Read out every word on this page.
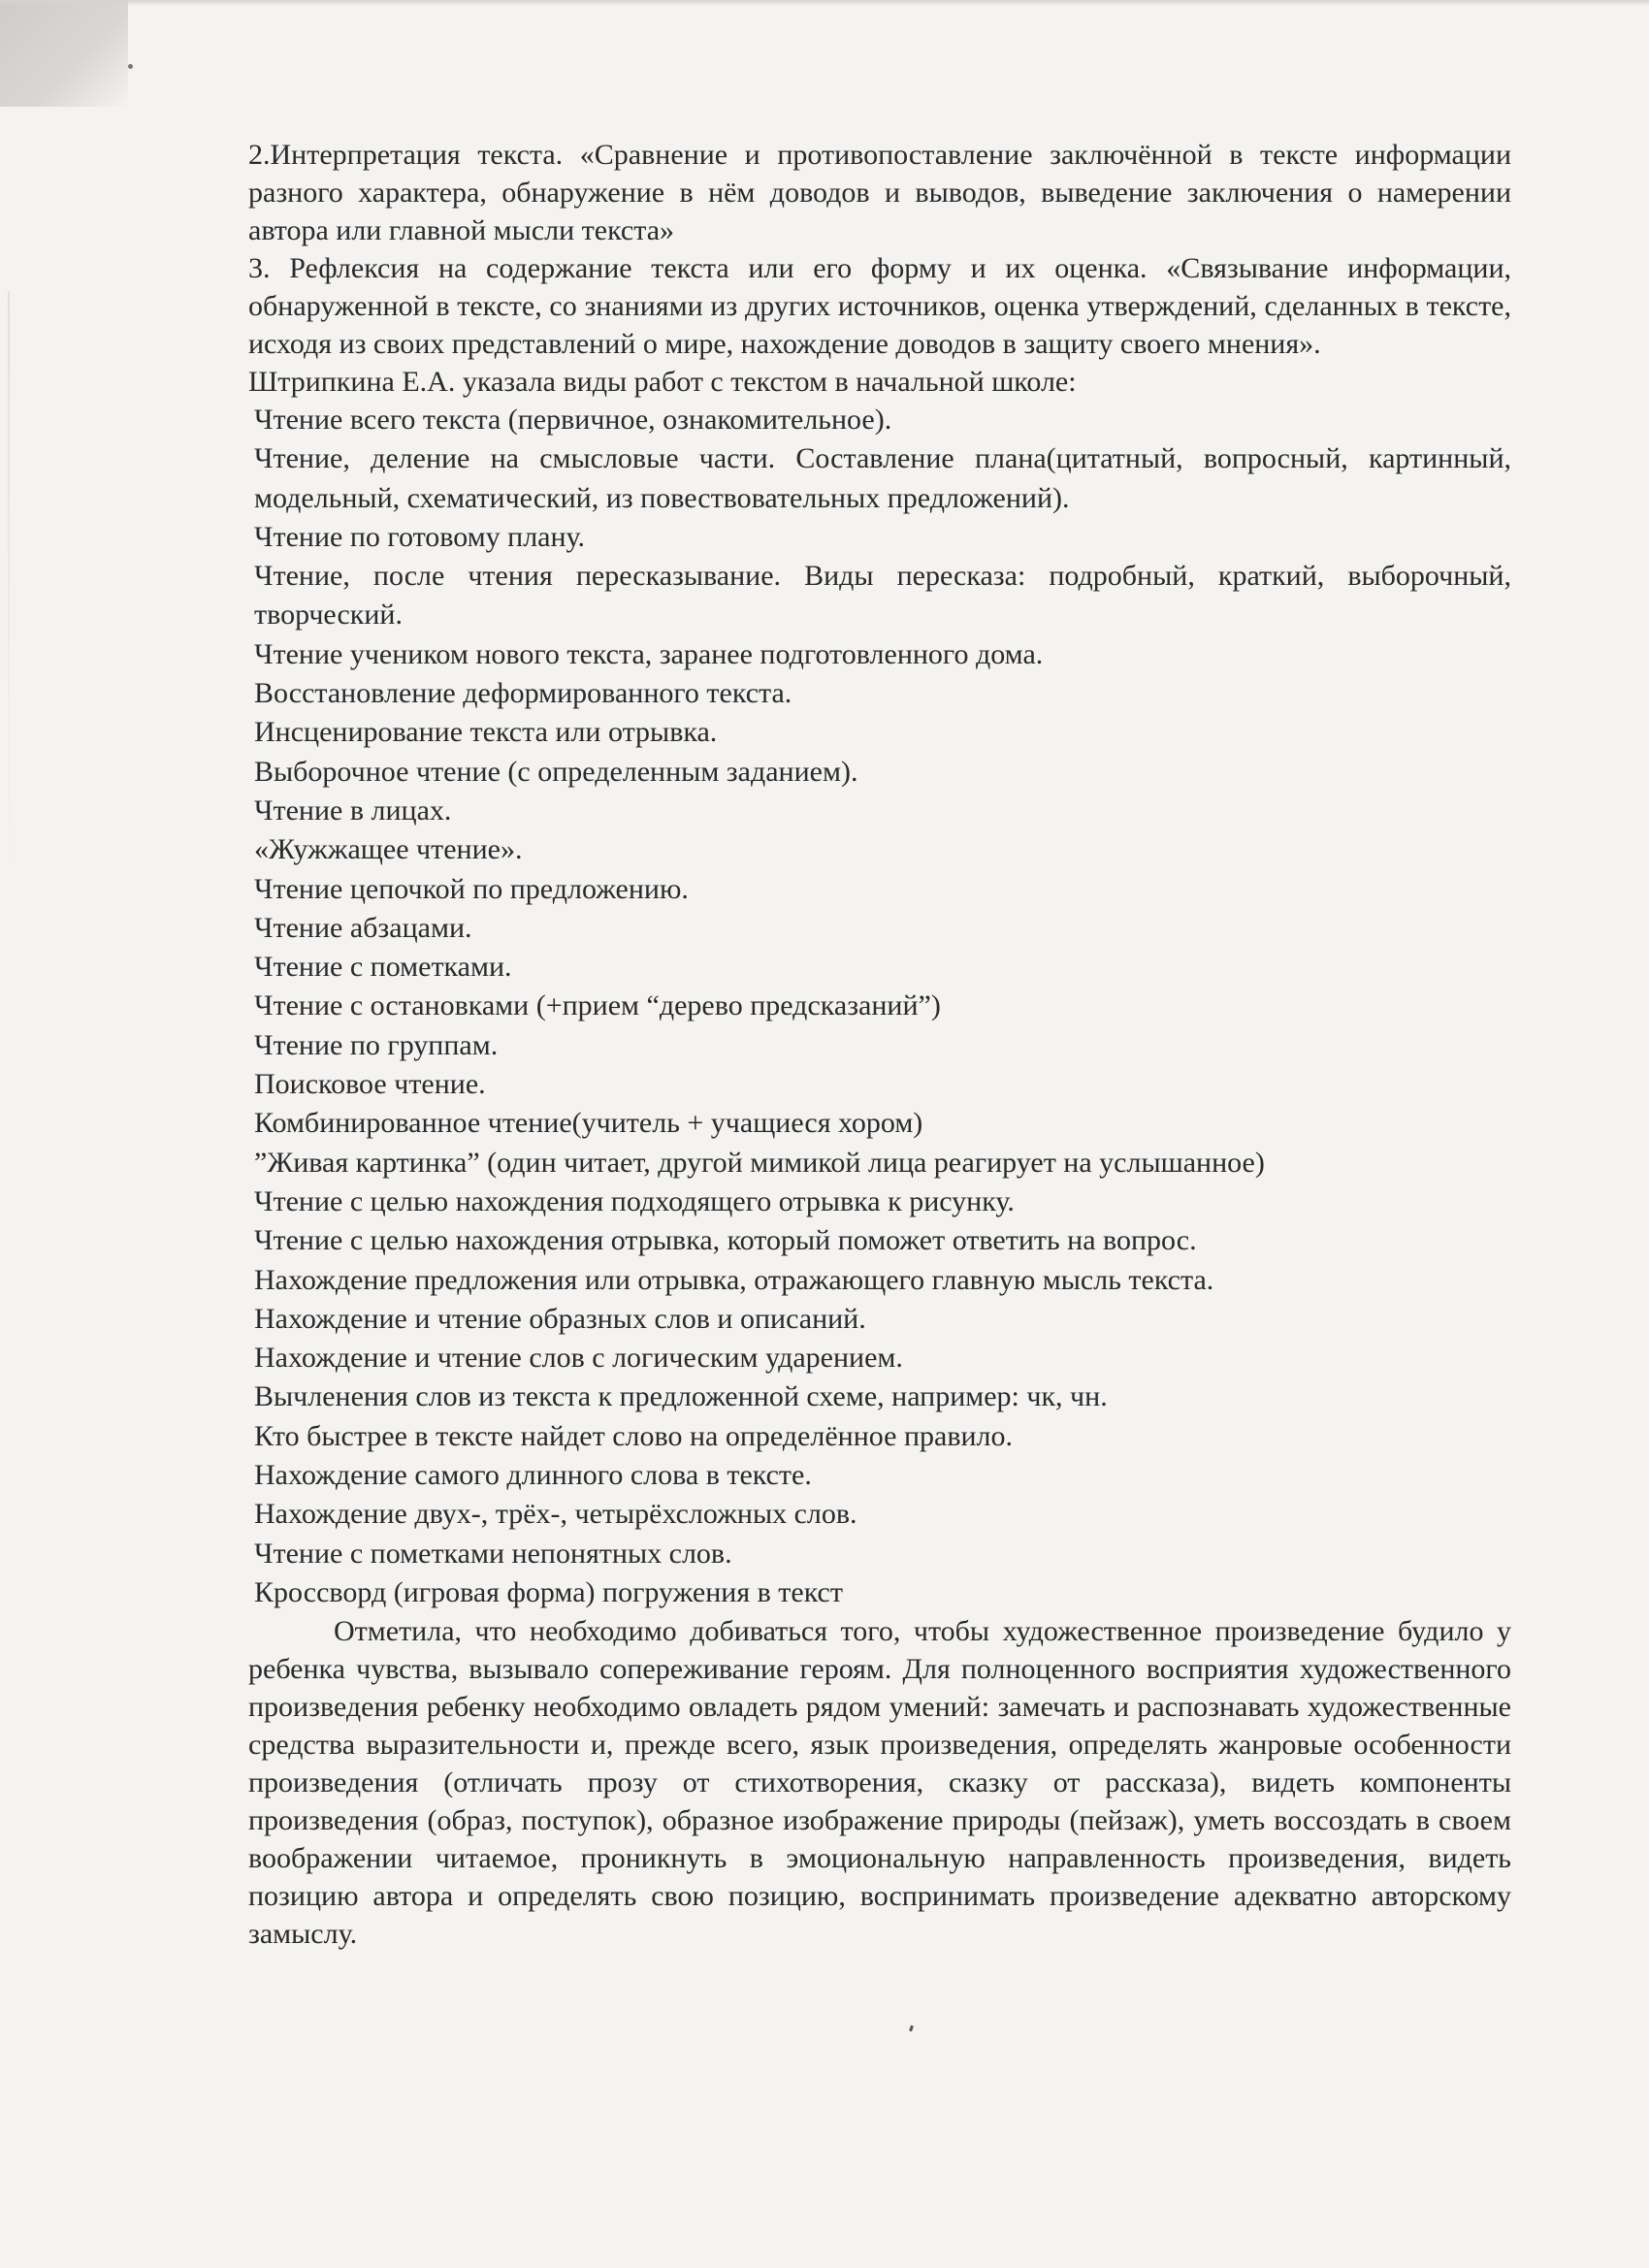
2.Интерпретация текста. «Сравнение и противопоставление заключённой в тексте информации разного характера, обнаружение в нём доводов и выводов, выведение заключения о намерении автора или главной мысли текста»

3. Рефлексия на содержание текста или его форму и их оценка. «Связывание информации, обнаруженной в тексте, со знаниями из других источников, оценка утверждений, сделанных в тексте, исходя из своих представлений о мире, нахождение доводов в защиту своего мнения».

Штрипкина Е.А. указала виды работ с текстом в начальной школе:

Чтение всего текста (первичное, ознакомительное).
Чтение, деление на смысловые части. Составление плана(цитатный, вопросный, картинный, модельный, схематический, из повествовательных предложений).
Чтение по готовому плану.
Чтение, после чтения пересказывание. Виды пересказа: подробный, краткий, выборочный, творческий.
Чтение учеником нового текста, заранее подготовленного дома.
Восстановление деформированного текста.
Инсценирование текста или отрывка.
Выборочное чтение (с определенным заданием).
Чтение в лицах.
«Жужжащее чтение».
Чтение цепочкой по предложению.
Чтение абзацами.
Чтение с пометками.
Чтение с остановками (+прием “дерево предсказаний”)
Чтение по группам.
Поисковое чтение.
Комбинированное чтение(учитель + учащиеся хором)
”Живая картинка” (один читает, другой мимикой лица реагирует на услышанное)
Чтение с целью нахождения подходящего отрывка к рисунку.
Чтение с целью нахождения отрывка, который поможет ответить на вопрос.
Нахождение предложения или отрывка, отражающего главную мысль текста.
Нахождение и чтение образных слов и описаний.
Нахождение и чтение слов с логическим ударением.
Вычленения слов из текста к предложенной схеме, например: чк, чн.
Кто быстрее в тексте найдет слово на определённое правило.
Нахождение самого длинного слова в тексте.
Нахождение двух-, трёх-, четырёхсложных слов.
Чтение с пометками непонятных слов.
Кроссворд (игровая форма) погружения в текст

Отметила, что необходимо добиваться того, чтобы художественное произведение будило у ребенка чувства, вызывало сопереживание героям. Для полноценного восприятия художественного произведения ребенку необходимо овладеть рядом умений: замечать и распознавать художественные средства выразительности и, прежде всего, язык произведения, определять жанровые особенности произведения (отличать прозу от стихотворения, сказку от рассказа), видеть компоненты произведения (образ, поступок), образное изображение природы (пейзаж), уметь воссоздать в своем воображении читаемое, проникнуть в эмоциональную направленность произведения, видеть позицию автора и определять свою позицию, воспринимать произведение адекватно авторскому замыслу.
